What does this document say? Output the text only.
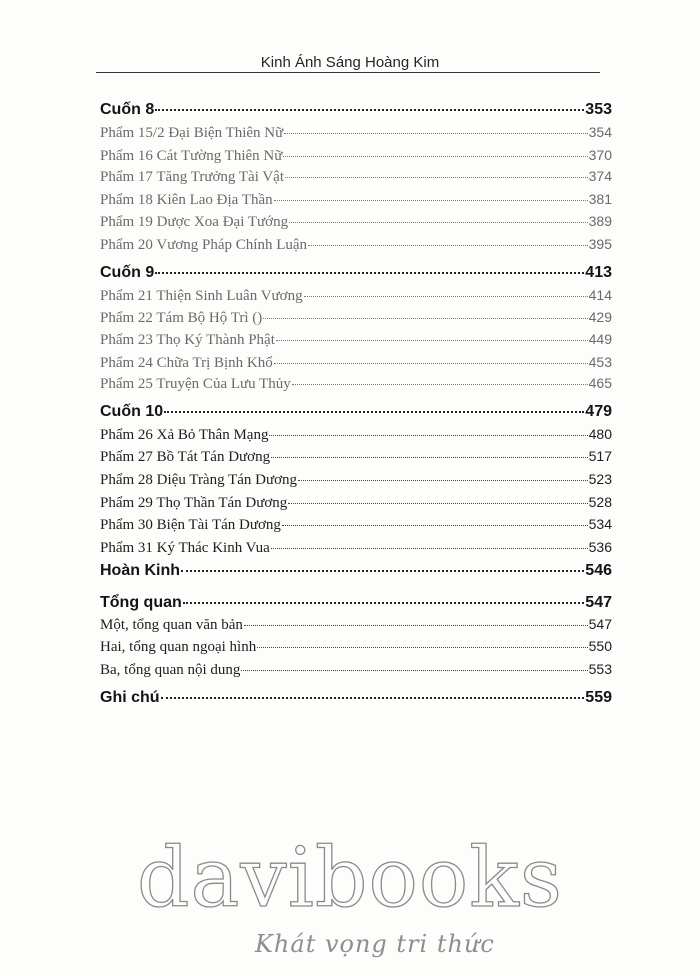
Kinh Ánh Sáng Hoàng Kim
Cuốn 8	353
Phẩm 15/2 Đại Biện Thiên Nữ	354
Phẩm 16 Cát Tường Thiên Nữ	370
Phẩm 17 Tăng Trưởng Tài Vật	374
Phẩm 18 Kiên Lao Địa Thần	381
Phẩm 19 Dược Xoa Đại Tướng	389
Phẩm 20 Vương Pháp Chính Luận	395
Cuốn 9	413
Phẩm 21 Thiện Sinh Luân Vương	414
Phẩm 22 Tám Bộ Hộ Trì ()	429
Phẩm 23 Thọ Ký Thành Phật	449
Phẩm 24 Chữa Trị Bịnh Khổ	453
Phẩm 25 Truyện Của Lưu Thủy	465
Cuốn 10	479
Phẩm 26 Xả Bỏ Thân Mạng	480
Phẩm 27 Bồ Tát Tán Dương	517
Phẩm 28 Diệu Tràng Tán Dương	523
Phẩm 29 Thọ Thần Tán Dương	528
Phẩm 30 Biện Tài Tán Dương	534
Phẩm 31 Ký Thác Kinh Vua	536
Hoàn Kinh	546
Tổng quan	547
Một, tổng quan văn bản	547
Hai, tổng quan ngoại hình	550
Ba, tổng quan nội dung	553
Ghi chú	559
davibooks
Khát vọng tri thức
